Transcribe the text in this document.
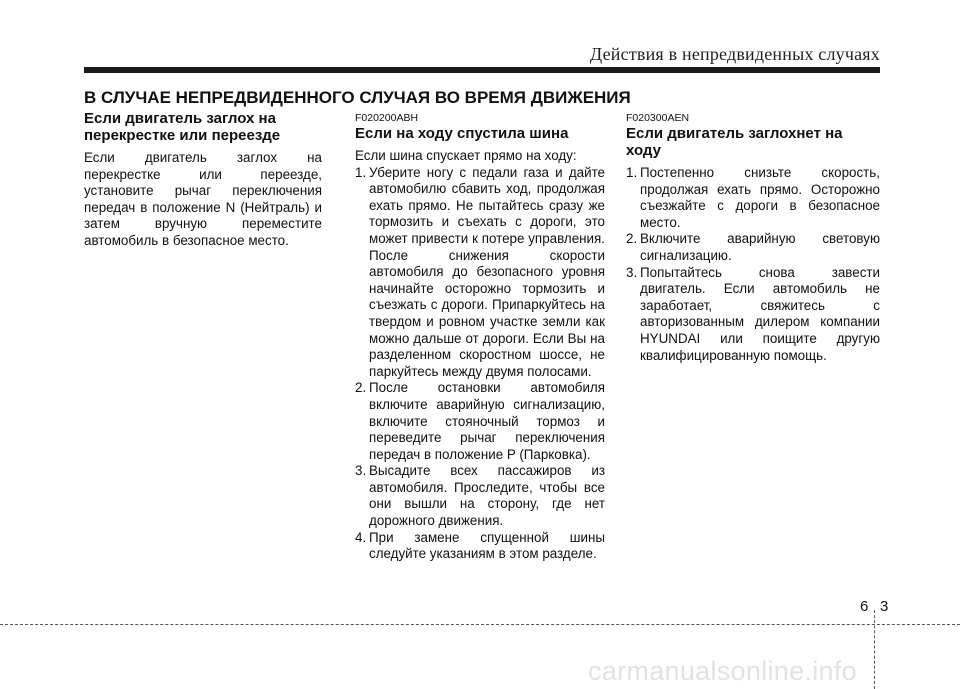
Действия в непредвиденных случаях
В СЛУЧАЕ НЕПРЕДВИДЕННОГО СЛУЧАЯ ВО ВРЕМЯ ДВИЖЕНИЯ
Если двигатель заглох на перекрестке или переезде

Если двигатель заглох на перекрестке или переезде, установите рычаг переключения передач в положение N (Нейтраль) и затем вручную переместите автомобиль в безопасное место.

F020200ABH
Если на ходу спустила шина

Если шина спускает прямо на ходу:

1. Уберите ногу с педали газа и дайте автомобилю сбавить ход, продолжая ехать прямо. Не пытайтесь сразу же тормозить и съехать с дороги, это может привести к потере управления. После снижения скорости автомобиля до безопасного уровня начинайте осторожно тормозить и съезжать с дороги. Припаркуйтесь на твердом и ровном участке земли как можно дальше от дороги. Если Вы на разделенном скоростном шоссе, не паркуйтесь между двумя полосами.
2. После остановки автомобиля включите аварийную сигнализацию, включите стояночный тормоз и переведите рычаг переключения передач в положение P (Парковка).
3. Высадите всех пассажиров из автомобиля. Проследите, чтобы все они вышли на сторону, где нет дорожного движения.
4. При замене спущенной шины следуйте указаниям в этом разделе.
F020300AEN
Если двигатель заглохнет на ходу
1. Постепенно снизьте скорость, продолжая ехать прямо. Осторожно съезжайте с дороги в безопасное место.
2. Включите аварийную световую сигнализацию.
3. Попытайтесь снова завести двигатель. Если автомобиль не заработает, свяжитесь с авторизованным дилером компании HYUNDAI или поищите другую квалифицированную помощь.
6 3
carmanualsonline.info
